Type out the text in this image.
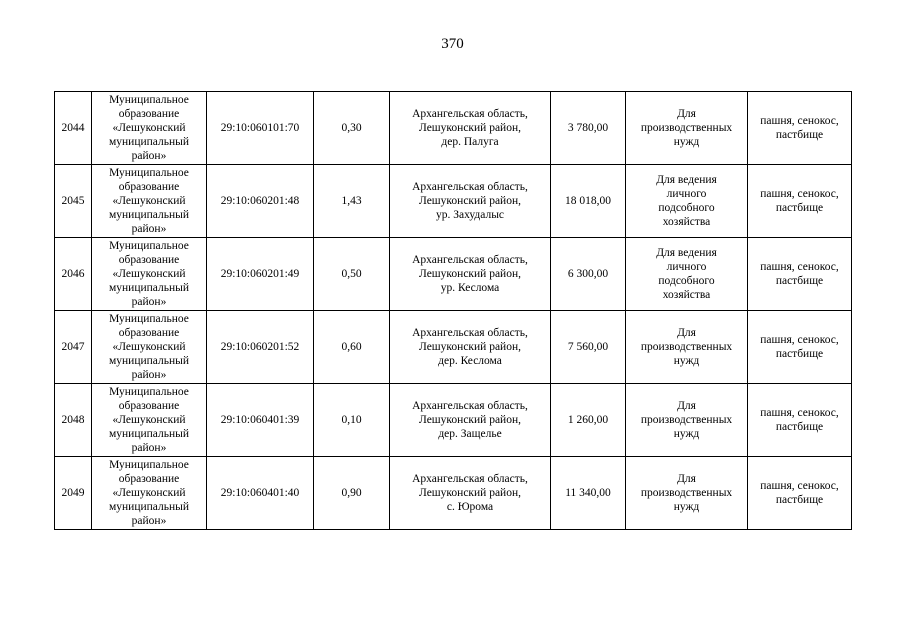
370
2044	Муниципальное
образование
«Лешуконский
муниципальный
район»	29:10:060101:70	0,30	Архангельская область,
Лешуконский район,
дер. Палуга	3 780,00	Для
производственных
нужд	пашня, сенокос,
пастбище

2045	Муниципальное
образование
«Лешуконский
муниципальный
район»	29:10:060201:48	1,43	Архангельская область,
Лешуконский район,
ур. Захудалыс	18 018,00	Для ведения
личного
подсобного
хозяйства	пашня, сенокос,
пастбище

2046	Муниципальное
образование
«Лешуконский
муниципальный
район»	29:10:060201:49	0,50	Архангельская область,
Лешуконский район,
ур. Кеслома	6 300,00	Для ведения
личного
подсобного
хозяйства	пашня, сенокос,
пастбище

2047	Муниципальное
образование
«Лешуконский
муниципальный
район»	29:10:060201:52	0,60	Архангельская область,
Лешуконский район,
дер. Кеслома	7 560,00	Для
производственных
нужд	пашня, сенокос,
пастбище

2048	Муниципальное
образование
«Лешуконский
муниципальный
район»	29:10:060401:39	0,10	Архангельская область,
Лешуконский район,
дер. Защелье	1 260,00	Для
производственных
нужд	пашня, сенокос,
пастбище

2049	Муниципальное
образование
«Лешуконский
муниципальный
район»	29:10:060401:40	0,90	Архангельская область,
Лешуконский район,
с. Юрома	11 340,00	Для
производственных
нужд	пашня, сенокос,
пастбище
